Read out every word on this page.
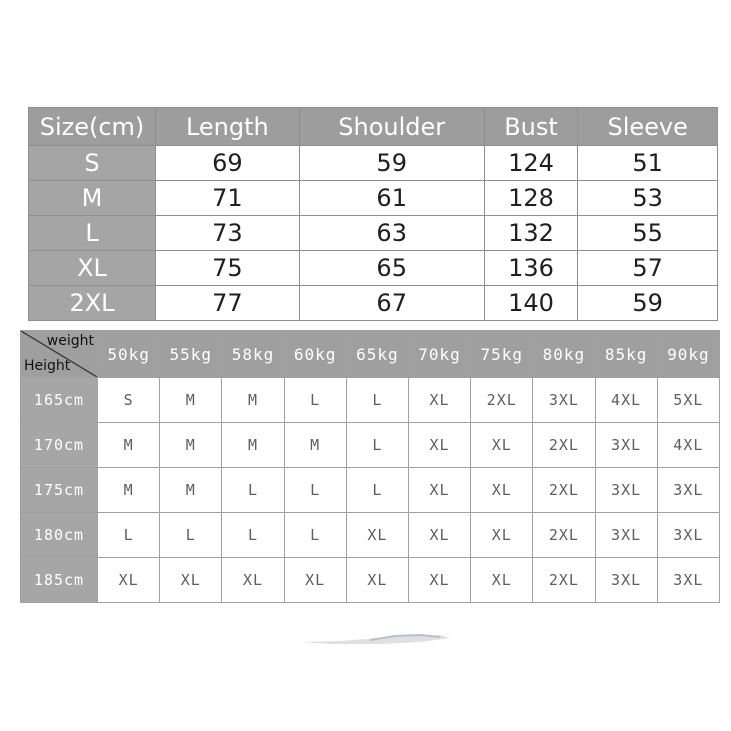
Size(cm)	Length	Shoulder	Bust	Sleeve
S	69	59	124	51
M	71	61	128	53
L	73	63	132	55
XL	75	65	136	57
2XL	77	67	140	59
weight
Height	50kg	55kg	58kg	60kg	65kg	70kg	75kg	80kg	85kg	90kg
165cm	S	M	M	L	L	XL	2XL	3XL	4XL	5XL
170cm	M	M	M	M	L	XL	XL	2XL	3XL	4XL
175cm	M	M	L	L	L	XL	XL	2XL	3XL	3XL
180cm	L	L	L	L	XL	XL	XL	2XL	3XL	3XL
185cm	XL	XL	XL	XL	XL	XL	XL	2XL	3XL	3XL
